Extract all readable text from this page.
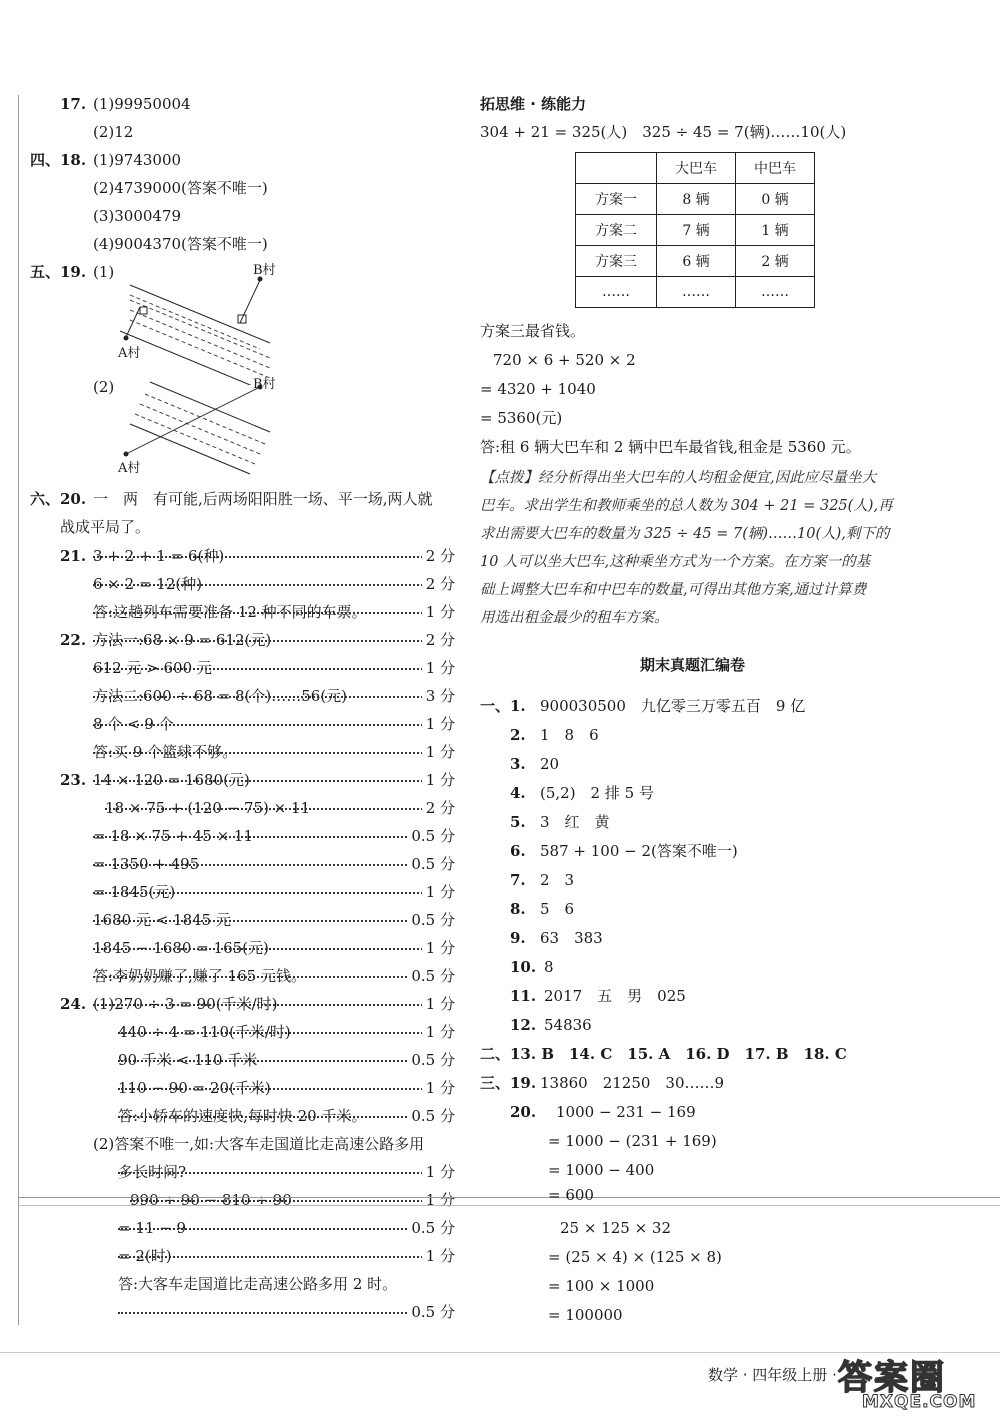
17. (1)99950004
(2)12
四、18. (1)9743000
(2)4739000(答案不唯一)
(3)3000479
(4)9004370(答案不唯一)
五、19. (1)	B村
A村
(2)	B村
A村
六、20. 一　两　有可能,后两场阳阳胜一场、平一场,两人就
战成平局了。
21. 3 + 2 + 1 = 6(种)	2 分
6 × 2 = 12(种)	2 分
答:这趟列车需要准备 12 种不同的车票。	1 分
22. 方法一:68 × 9 = 612(元)	2 分
612 元 > 600 元	1 分
方法二:600 ÷ 68 = 8(个)……56(元)	3 分
8 个 < 9 个	1 分
答:买 9 个篮球不够。	1 分
23. 14 × 120 = 1680(元)	1 分
18 × 75 + (120 − 75) × 11	2 分
= 18 × 75 + 45 × 11	0.5 分
= 1350 + 495	0.5 分
= 1845(元)	1 分
1680 元 < 1845 元	0.5 分
1845 − 1680 = 165(元)	1 分
答:李奶奶赚了,赚了 165 元钱。	0.5 分
24. (1)270 ÷ 3 = 90(千米/时)	1 分
440 ÷ 4 = 110(千米/时)	1 分
90 千米 < 110 千米	0.5 分
110 − 90 = 20(千米)	1 分
答:小轿车的速度快,每时快 20 千米。	0.5 分
(2)答案不唯一,如:大客车走国道比走高速公路多用
多长时间?	1 分
990 ÷ 90 − 810 ÷ 90	1 分
= 11 − 9	0.5 分
= 2(时)	1 分
答:大客车走国道比走高速公路多用 2 时。
0.5 分
拓思维 · 练能力
304 + 21 = 325(人)　325 ÷ 45 = 7(辆)……10(人)
	大巴车	中巴车
方案一	8 辆	0 辆
方案二	7 辆	1 辆
方案三	6 辆	2 辆
……	……	……
方案三最省钱。
720 × 6 + 520 × 2
= 4320 + 1040
= 5360(元)
答:租 6 辆大巴车和 2 辆中巴车最省钱,租金是 5360 元。
【点拨】经分析得出坐大巴车的人均租金便宜,因此应尽量坐大
巴车。求出学生和教师乘坐的总人数为 304 + 21 = 325(人),再
求出需要大巴车的数量为 325 ÷ 45 = 7(辆)……10(人),剩下的
10 人可以坐大巴车,这种乘坐方式为一个方案。在方案一的基
础上调整大巴车和中巴车的数量,可得出其他方案,通过计算费
用选出租金最少的租车方案。
期末真题汇编卷
一、1. 900030500　九亿零三万零五百　9 亿
2. 1　8　6
3. 20
4. (5,2)　2 排 5 号
5. 3　红　黄
6. 587 + 100 − 2(答案不唯一)
7. 2　3
8. 5　6
9. 63　383
10. 8
11. 2017　五　男　025
12. 54836
二、13. B　14. C　15. A　16. D　17. B　18. C
三、19. 13860　21250　30……9
20. 1000 − 231 − 169
= 1000 − (231 + 169)
= 1000 − 400
= 600
25 × 125 × 32
= (25 × 4) × (125 × 8)
= 100 × 1000
= 100000
数学 · 四年级上册 · 答案圈
MXQE.COM
